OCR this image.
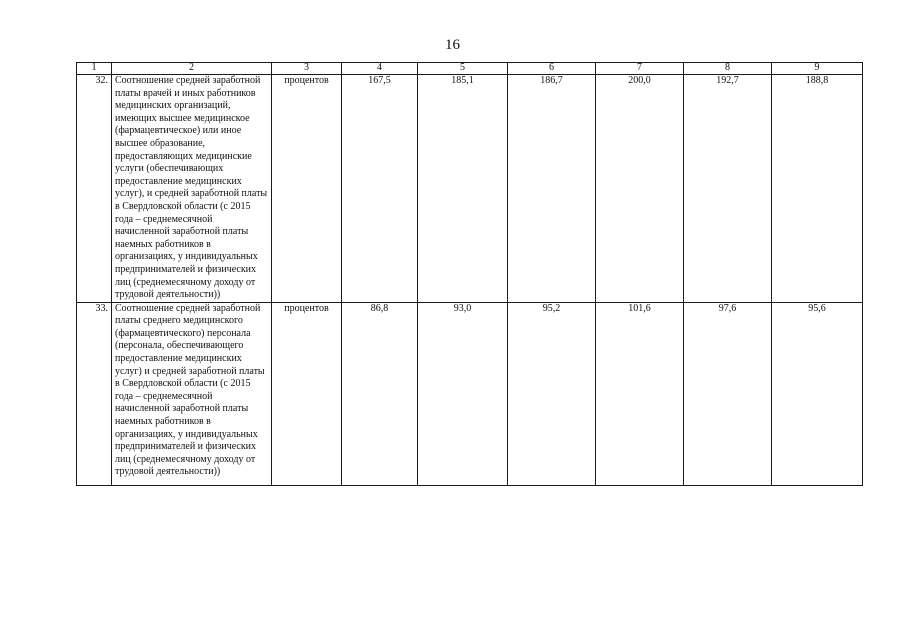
16
1	2	3	4	5	6	7	8	9
32.	Соотношение средней заработной платы врачей и иных работников медицинских организаций, имеющих высшее медицинское (фармацевтическое) или иное высшее образование, предоставляющих медицинские услуги (обеспечивающих предоставление медицинских услуг), и средней заработной платы в Свердловской области (с 2015 года – среднемесячной начисленной заработной платы наемных работников в организациях, у индивидуальных предпринимателей и физических лиц (среднемесячному доходу от трудовой деятельности))	процентов	167,5	185,1	186,7	200,0	192,7	188,8
33.	Соотношение средней заработной платы среднего медицинского (фармацевтического) персонала (персонала, обеспечивающего предоставление медицинских услуг) и средней заработной платы в Свердловской области (с 2015 года – среднемесячной начисленной заработной платы наемных работников в организациях, у индивидуальных предпринимателей и физических лиц (среднемесячному доходу от трудовой деятельности))	процентов	86,8	93,0	95,2	101,6	97,6	95,6
